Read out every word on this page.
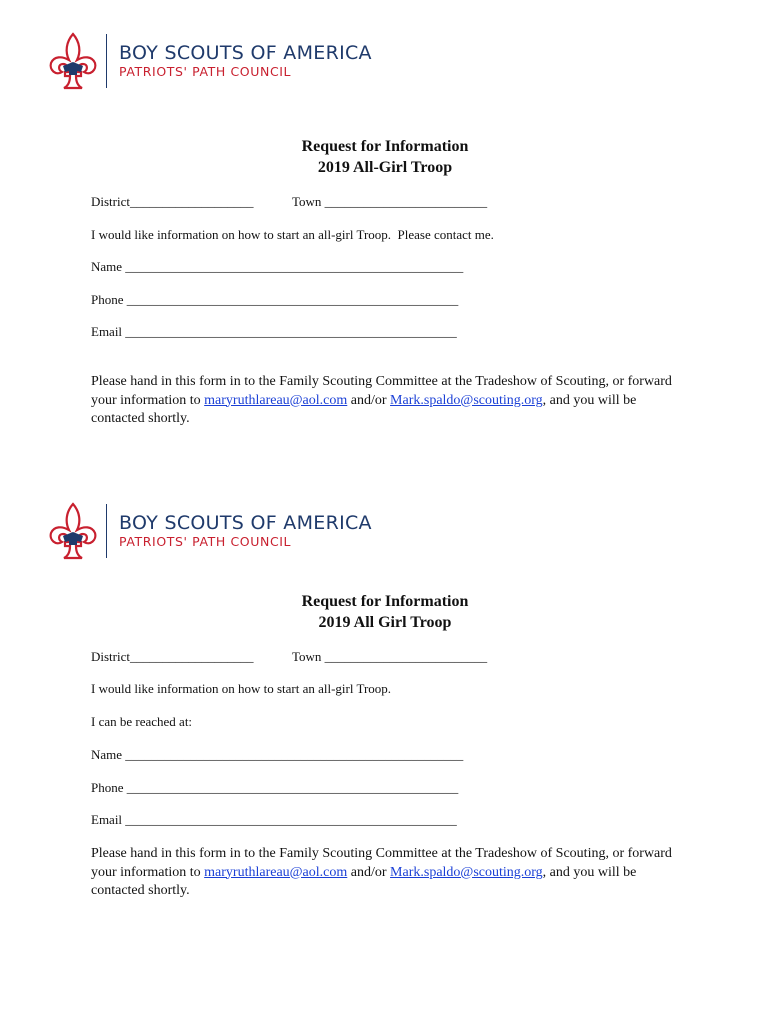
BOY SCOUTS OF AMERICA
PATRIOTS' PATH COUNCIL
Request for Information
2019 All-Girl Troop
District___________________	Town _________________________
I would like information on how to start an all-girl Troop.  Please contact me.
Name ____________________________________________________
Phone ___________________________________________________
Email ___________________________________________________
Please hand in this form in to the Family Scouting Committee at the Tradeshow of Scouting, or forward your information to maryruthlareau@aol.com and/or Mark.spaldo@scouting.org, and you will be contacted shortly.
BOY SCOUTS OF AMERICA
PATRIOTS' PATH COUNCIL
Request for Information
2019 All Girl Troop
District___________________	Town _________________________
I would like information on how to start an all-girl Troop.
I can be reached at:
Name ____________________________________________________
Phone ___________________________________________________
Email ___________________________________________________
Please hand in this form in to the Family Scouting Committee at the Tradeshow of Scouting, or forward your information to maryruthlareau@aol.com and/or Mark.spaldo@scouting.org, and you will be contacted shortly.
